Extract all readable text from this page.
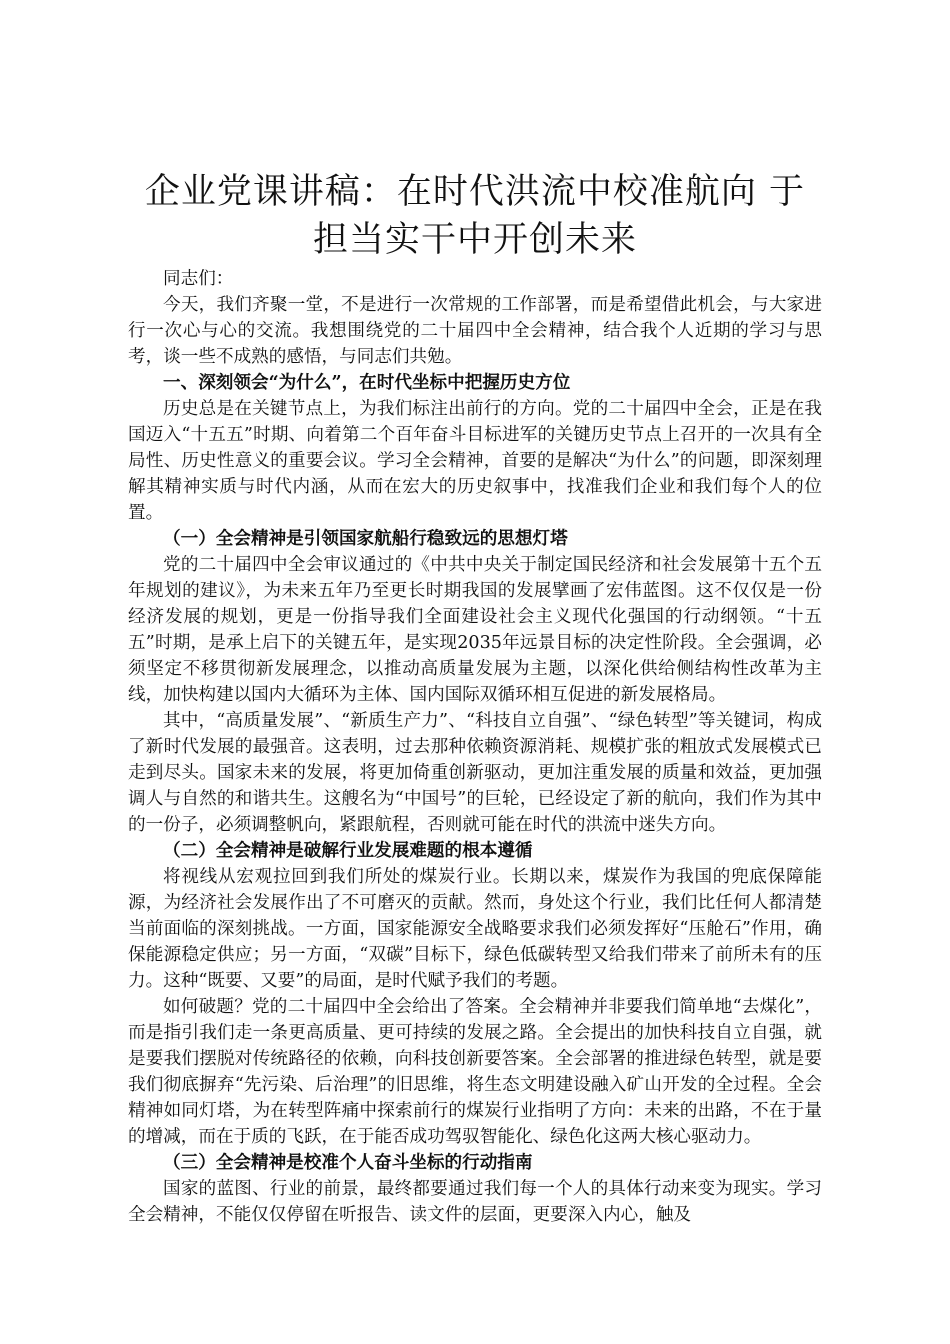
企业党课讲稿：在时代洪流中校准航向 于担当实干中开创未来

同志们：

今天，我们齐聚一堂，不是进行一次常规的工作部署，而是希望借此机会，与大家进行一次心与心的交流。我想围绕党的二十届四中全会精神，结合我个人近期的学习与思考，谈一些不成熟的感悟，与同志们共勉。

一、深刻领会“为什么”，在时代坐标中把握历史方位

历史总是在关键节点上，为我们标注出前行的方向。党的二十届四中全会，正是在我国迈入“十五五”时期、向着第二个百年奋斗目标进军的关键历史节点上召开的一次具有全局性、历史性意义的重要会议。学习全会精神，首要的是解决“为什么”的问题，即深刻理解其精神实质与时代内涵，从而在宏大的历史叙事中，找准我们企业和我们每个人的位置。

（一）全会精神是引领国家航船行稳致远的思想灯塔

党的二十届四中全会审议通过的《中共中央关于制定国民经济和社会发展第十五个五年规划的建议》，为未来五年乃至更长时期我国的发展擘画了宏伟蓝图。这不仅仅是一份经济发展的规划，更是一份指导我们全面建设社会主义现代化强国的行动纲领。“十五五”时期，是承上启下的关键五年，是实现2035年远景目标的决定性阶段。全会强调，必须坚定不移贯彻新发展理念，以推动高质量发展为主题，以深化供给侧结构性改革为主线，加快构建以国内大循环为主体、国内国际双循环相互促进的新发展格局。

其中，“高质量发展”、“新质生产力”、“科技自立自强”、“绿色转型”等关键词，构成了新时代发展的最强音。这表明，过去那种依赖资源消耗、规模扩张的粗放式发展模式已走到尽头。国家未来的发展，将更加倚重创新驱动，更加注重发展的质量和效益，更加强调人与自然的和谐共生。这艘名为“中国号”的巨轮，已经设定了新的航向，我们作为其中的一份子，必须调整帆向，紧跟航程，否则就可能在时代的洪流中迷失方向。

（二）全会精神是破解行业发展难题的根本遵循

将视线从宏观拉回到我们所处的煤炭行业。长期以来，煤炭作为我国的兜底保障能源，为经济社会发展作出了不可磨灭的贡献。然而，身处这个行业，我们比任何人都清楚当前面临的深刻挑战。一方面，国家能源安全战略要求我们必须发挥好“压舱石”作用，确保能源稳定供应；另一方面，“双碳”目标下，绿色低碳转型又给我们带来了前所未有的压力。这种“既要、又要”的局面，是时代赋予我们的考题。

如何破题？党的二十届四中全会给出了答案。全会精神并非要我们简单地“去煤化”，而是指引我们走一条更高质量、更可持续的发展之路。全会提出的加快科技自立自强，就是要我们摆脱对传统路径的依赖，向科技创新要答案。全会部署的推进绿色转型，就是要我们彻底摒弃“先污染、后治理”的旧思维，将生态文明建设融入矿山开发的全过程。全会精神如同灯塔，为在转型阵痛中探索前行的煤炭行业指明了方向：未来的出路，不在于量的增减，而在于质的飞跃，在于能否成功驾驭智能化、绿色化这两大核心驱动力。

（三）全会精神是校准个人奋斗坐标的行动指南

国家的蓝图、行业的前景，最终都要通过我们每一个人的具体行动来变为现实。学习全会精神，不能仅仅停留在听报告、读文件的层面，更要深入内心，触及
